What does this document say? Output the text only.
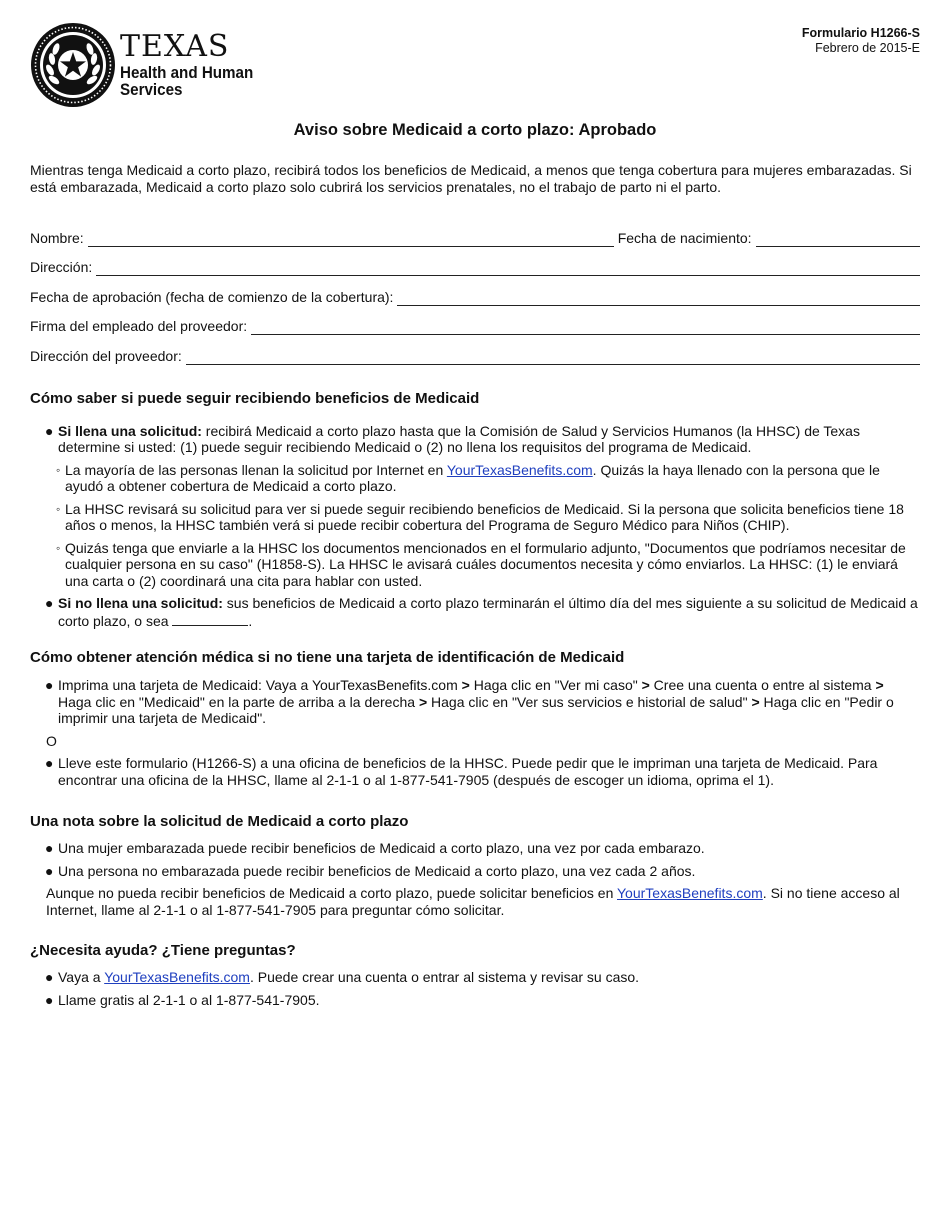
TEXAS
Health and Human
Services
Formulario H1266-S
Febrero de 2015-E
Aviso sobre Medicaid a corto plazo: Aprobado
Mientras tenga Medicaid a corto plazo, recibirá todos los beneficios de Medicaid, a menos que tenga cobertura para mujeres embarazadas. Si está embarazada, Medicaid a corto plazo solo cubrirá los servicios prenatales, no el trabajo de parto ni el parto.
Nombre:	Fecha de nacimiento:
Dirección:
Fecha de aprobación (fecha de comienzo de la cobertura):
Firma del empleado del proveedor:
Dirección del proveedor:
Cómo saber si puede seguir recibiendo beneficios de Medicaid
● Si llena una solicitud: recibirá Medicaid a corto plazo hasta que la Comisión de Salud y Servicios Humanos (la HHSC) de Texas determine si usted: (1) puede seguir recibiendo Medicaid o (2) no llena los requisitos del programa de Medicaid.
◦ La mayoría de las personas llenan la solicitud por Internet en YourTexasBenefits.com. Quizás la haya llenado con la persona que le ayudó a obtener cobertura de Medicaid a corto plazo.
◦ La HHSC revisará su solicitud para ver si puede seguir recibiendo beneficios de Medicaid. Si la persona que solicita beneficios tiene 18 años o menos, la HHSC también verá si puede recibir cobertura del Programa de Seguro Médico para Niños (CHIP).
◦ Quizás tenga que enviarle a la HHSC los documentos mencionados en el formulario adjunto, "Documentos que podríamos necesitar de cualquier persona en su caso" (H1858-S). La HHSC le avisará cuáles documentos necesita y cómo enviarlos. La HHSC: (1) le enviará una carta o (2) coordinará una cita para hablar con usted.
● Si no llena una solicitud: sus beneficios de Medicaid a corto plazo terminarán el último día del mes siguiente a su solicitud de Medicaid a corto plazo, o sea	.
Cómo obtener atención médica si no tiene una tarjeta de identificación de Medicaid
● Imprima una tarjeta de Medicaid: Vaya a YourTexasBenefits.com > Haga clic en "Ver mi caso" > Cree una cuenta o entre al sistema > Haga clic en "Medicaid" en la parte de arriba a la derecha > Haga clic en "Ver sus servicios e historial de salud" > Haga clic en "Pedir o imprimir una tarjeta de Medicaid".
O
● Lleve este formulario (H1266-S) a una oficina de beneficios de la HHSC. Puede pedir que le impriman una tarjeta de Medicaid. Para encontrar una oficina de la HHSC, llame al 2-1-1 o al 1-877-541-7905 (después de escoger un idioma, oprima el 1).
Una nota sobre la solicitud de Medicaid a corto plazo
● Una mujer embarazada puede recibir beneficios de Medicaid a corto plazo, una vez por cada embarazo.
● Una persona no embarazada puede recibir beneficios de Medicaid a corto plazo, una vez cada 2 años.
Aunque no pueda recibir beneficios de Medicaid a corto plazo, puede solicitar beneficios en YourTexasBenefits.com. Si no tiene acceso al Internet, llame al 2-1-1 o al 1-877-541-7905 para preguntar cómo solicitar.
¿Necesita ayuda? ¿Tiene preguntas?
● Vaya a YourTexasBenefits.com. Puede crear una cuenta o entrar al sistema y revisar su caso.
● Llame gratis al 2-1-1 o al 1-877-541-7905.
